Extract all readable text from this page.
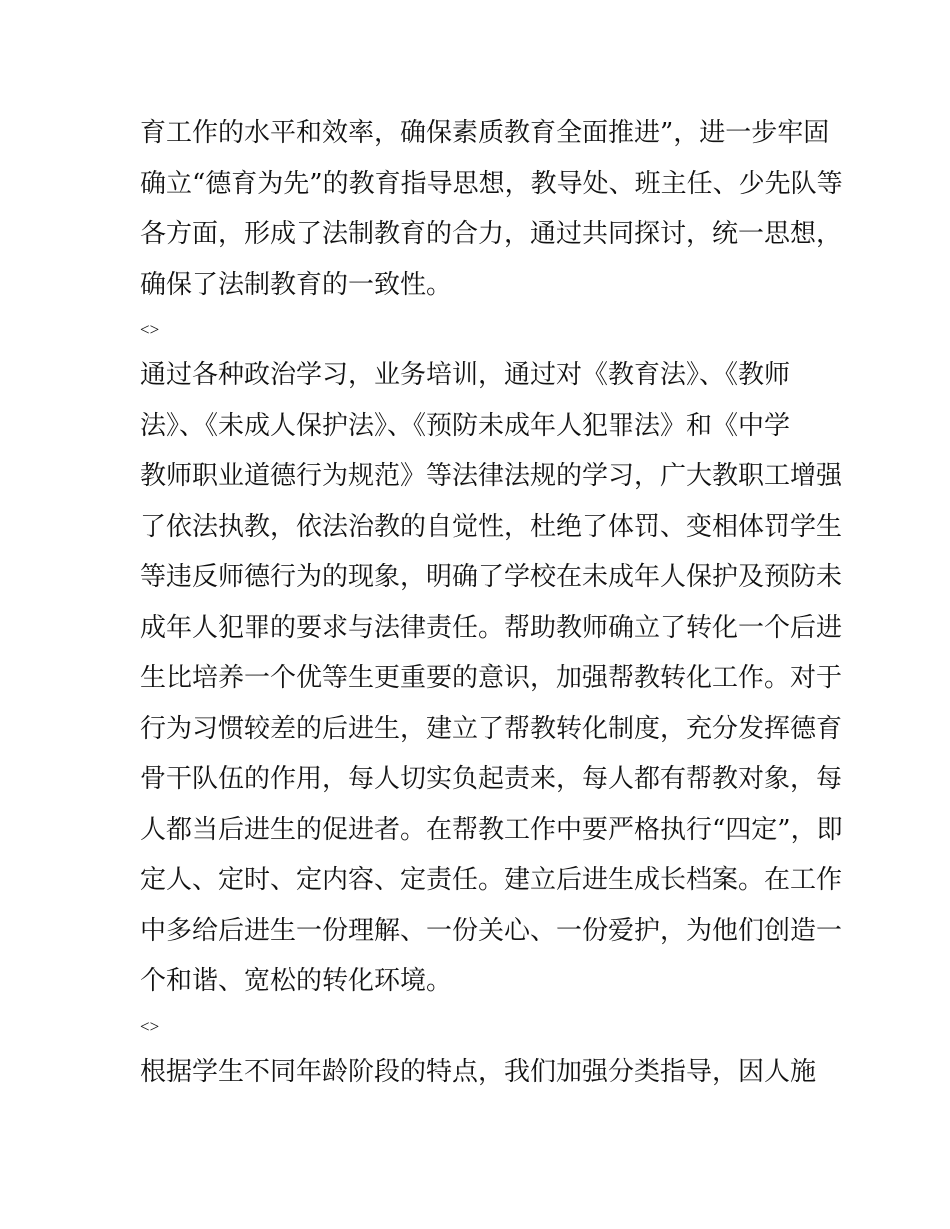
育工作的水平和效率，确保素质教育全面推进”，进一步牢固
确立“德育为先”的教育指导思想，教导处、班主任、少先队等
各方面，形成了法制教育的合力，通过共同探讨，统一思想，
确保了法制教育的一致性。
<>
通过各种政治学习，业务培训，通过对《教育法》、《教师
法》、《未成人保护法》、《预防未成年人犯罪法》和《中学
教师职业道德行为规范》等法律法规的学习，广大教职工增强
了依法执教，依法治教的自觉性，杜绝了体罚、变相体罚学生
等违反师德行为的现象，明确了学校在未成年人保护及预防未
成年人犯罪的要求与法律责任。帮助教师确立了转化一个后进
生比培养一个优等生更重要的意识，加强帮教转化工作。对于
行为习惯较差的后进生，建立了帮教转化制度，充分发挥德育
骨干队伍的作用，每人切实负起责来，每人都有帮教对象，每
人都当后进生的促进者。在帮教工作中要严格执行“四定”，即
定人、定时、定内容、定责任。建立后进生成长档案。在工作
中多给后进生一份理解、一份关心、一份爱护，为他们创造一
个和谐、宽松的转化环境。
<>
根据学生不同年龄阶段的特点，我们加强分类指导，因人施
